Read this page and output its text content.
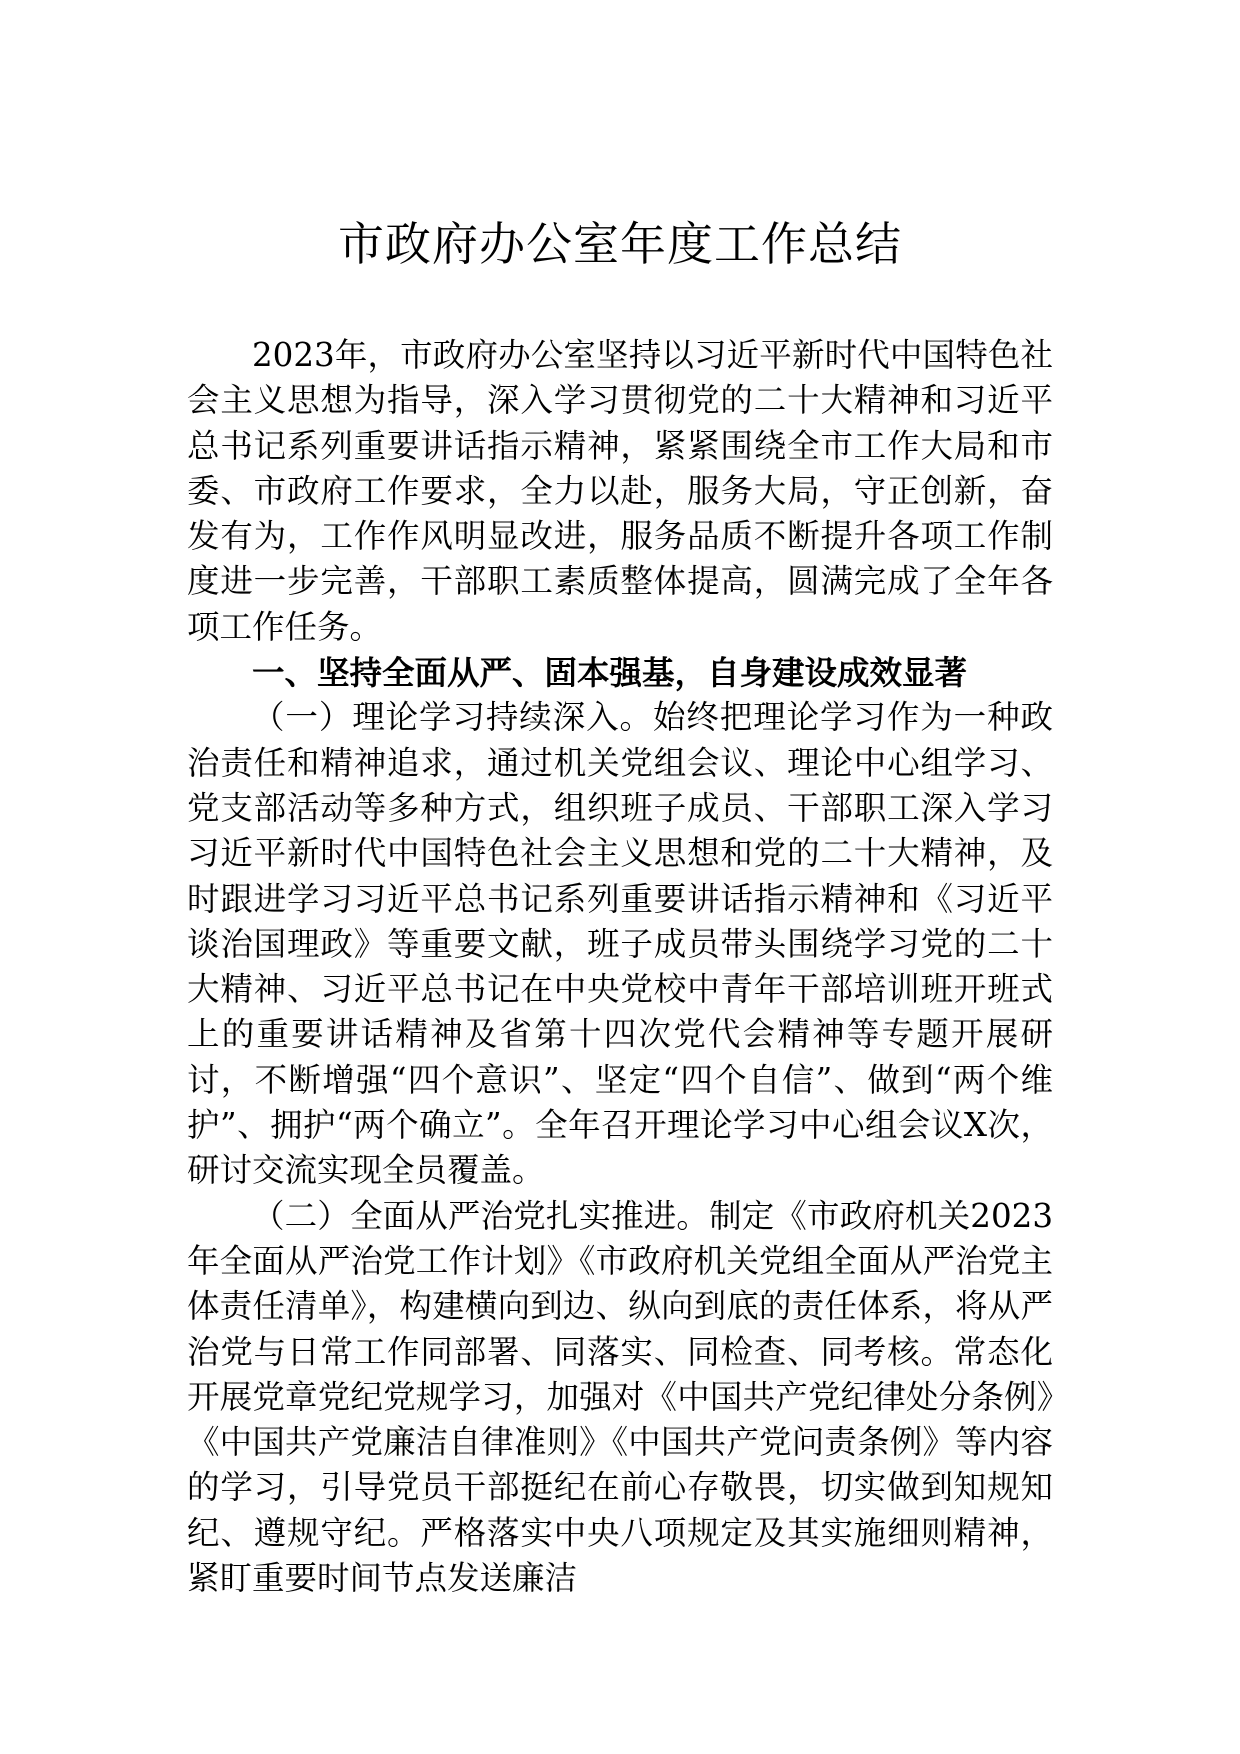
市政府办公室年度工作总结

2023年，市政府办公室坚持以习近平新时代中国特色社会主义思想为指导，深入学习贯彻党的二十大精神和习近平总书记系列重要讲话指示精神，紧紧围绕全市工作大局和市委、市政府工作要求，全力以赴，服务大局，守正创新，奋发有为，工作作风明显改进，服务品质不断提升各项工作制度进一步完善，干部职工素质整体提高，圆满完成了全年各项工作任务。

一、坚持全面从严、固本强基，自身建设成效显著

（一）理论学习持续深入。始终把理论学习作为一种政治责任和精神追求，通过机关党组会议、理论中心组学习、党支部活动等多种方式，组织班子成员、干部职工深入学习习近平新时代中国特色社会主义思想和党的二十大精神，及时跟进学习习近平总书记系列重要讲话指示精神和《习近平谈治国理政》等重要文献，班子成员带头围绕学习党的二十大精神、习近平总书记在中央党校中青年干部培训班开班式上的重要讲话精神及省第十四次党代会精神等专题开展研讨，不断增强“四个意识”、坚定“四个自信”、做到“两个维护”、拥护“两个确立”。全年召开理论学习中心组会议X次，研讨交流实现全员覆盖。

（二）全面从严治党扎实推进。制定《市政府机关2023年全面从严治党工作计划》《市政府机关党组全面从严治党主体责任清单》，构建横向到边、纵向到底的责任体系，将从严治党与日常工作同部署、同落实、同检查、同考核。常态化开展党章党纪党规学习，加强对《中国共产党纪律处分条例》《中国共产党廉洁自律准则》《中国共产党问责条例》等内容的学习，引导党员干部挺纪在前心存敬畏，切实做到知规知纪、遵规守纪。严格落实中央八项规定及其实施细则精神，紧盯重要时间节点发送廉洁
